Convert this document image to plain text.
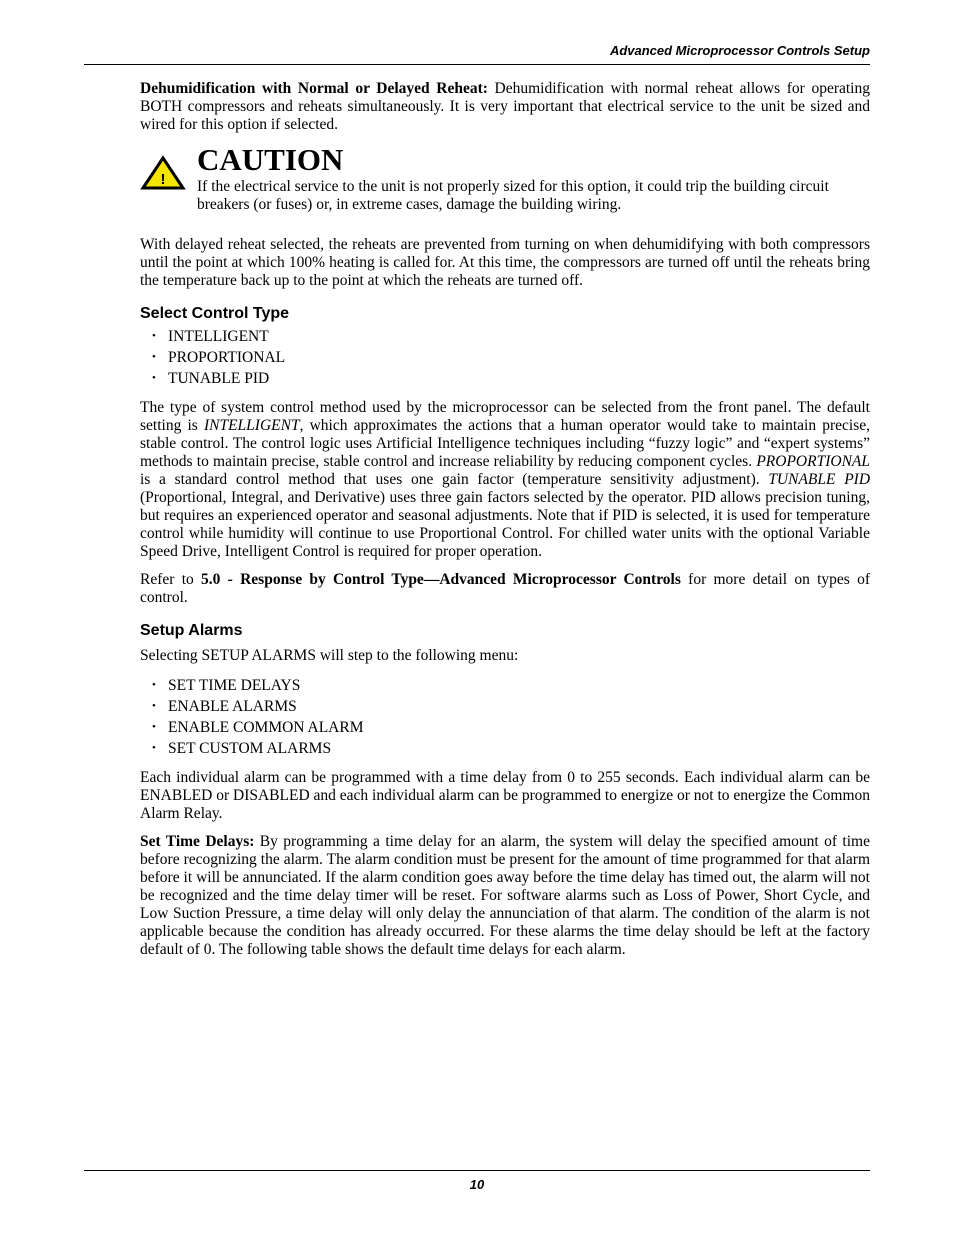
Advanced Microprocessor Controls Setup

Dehumidification with Normal or Delayed Reheat: Dehumidification with normal reheat allows for operating BOTH compressors and reheats simultaneously. It is very important that electrical service to the unit be sized and wired for this option if selected.

!
CAUTION

If the electrical service to the unit is not properly sized for this option, it could trip the building circuit breakers (or fuses) or, in extreme cases, damage the building wiring.

With delayed reheat selected, the reheats are prevented from turning on when dehumidifying with both compressors until the point at which 100% heating is called for. At this time, the compressors are turned off until the reheats bring the temperature back up to the point at which the reheats are turned off.

Select Control Type
• INTELLIGENT
• PROPORTIONAL
• TUNABLE PID

The type of system control method used by the microprocessor can be selected from the front panel. The default setting is INTELLIGENT, which approximates the actions that a human operator would take to maintain precise, stable control. The control logic uses Artificial Intelligence techniques including “fuzzy logic” and “expert systems” methods to maintain precise, stable control and increase reliability by reducing component cycles. PROPORTIONAL is a standard control method that uses one gain factor (temperature sensitivity adjustment). TUNABLE PID (Proportional, Integral, and Derivative) uses three gain factors selected by the operator. PID allows precision tuning, but requires an experienced operator and seasonal adjustments. Note that if PID is selected, it is used for temperature control while humidity will continue to use Proportional Control. For chilled water units with the optional Variable Speed Drive, Intelligent Control is required for proper operation.

Refer to 5.0 - Response by Control Type—Advanced Microprocessor Controls for more detail on types of control.

Setup Alarms

Selecting SETUP ALARMS will step to the following menu:

• SET TIME DELAYS
• ENABLE ALARMS
• ENABLE COMMON ALARM
• SET CUSTOM ALARMS

Each individual alarm can be programmed with a time delay from 0 to 255 seconds. Each individual alarm can be ENABLED or DISABLED and each individual alarm can be programmed to energize or not to energize the Common Alarm Relay.

Set Time Delays: By programming a time delay for an alarm, the system will delay the specified amount of time before recognizing the alarm. The alarm condition must be present for the amount of time programmed for that alarm before it will be annunciated. If the alarm condition goes away before the time delay has timed out, the alarm will not be recognized and the time delay timer will be reset. For software alarms such as Loss of Power, Short Cycle, and Low Suction Pressure, a time delay will only delay the annunciation of that alarm. The condition of the alarm is not applicable because the condition has already occurred. For these alarms the time delay should be left at the factory default of 0. The following table shows the default time delays for each alarm.

10
